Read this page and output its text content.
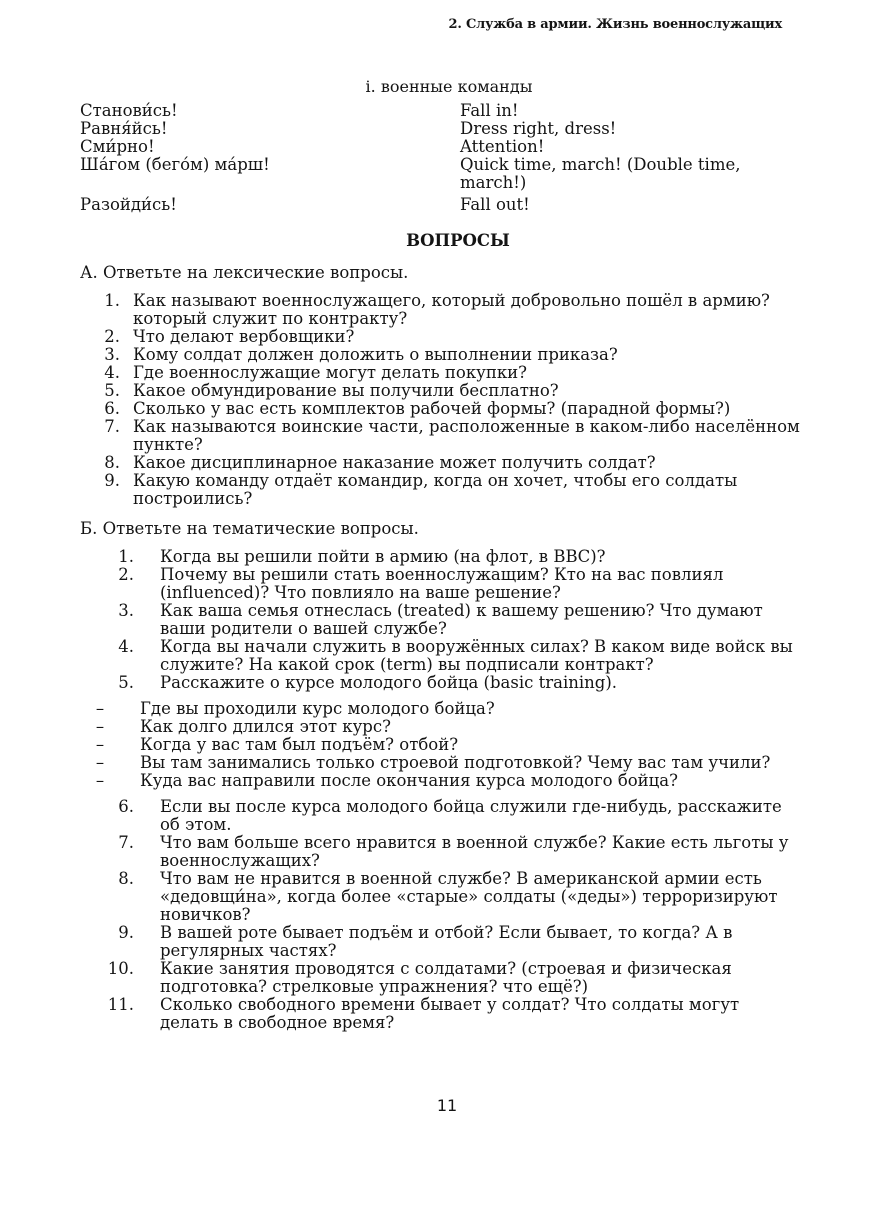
2. Служба в армии. Жизнь военнослужащих
i. военные команды
Станови́сь!	Fall in!
Равня́йсь!	Dress right, dress!
Сми́рно!	Attention!
Ша́гом (бего́м) ма́рш!	Quick time, march! (Double time, march!)
Разойди́сь!	Fall out!
ВОПРОСЫ
А. Ответьте на лексические вопросы.
1. Как называют военнослужащего, который добровольно пошёл в армию? который служит по контракту?
2. Что делают вербовщики?
3. Кому солдат должен доложить о выполнении приказа?
4. Где военнослужащие могут делать покупки?
5. Какое обмундирование вы получили бесплатно?
6. Сколько у вас есть комплектов рабочей формы? (парадной формы?)
7. Как называются воинские части, расположенные в каком-либо населённом пункте?
8. Какое дисциплинарное наказание может получить солдат?
9. Какую команду отдаёт командир, когда он хочет, чтобы его солдаты построились?
Б. Ответьте на тематические вопросы.
1.	Когда вы решили пойти в армию (на флот, в ВВС)?
2.	Почему вы решили стать военнослужащим? Кто на вас повлиял (influenced)? Что повлияло на ваше решение?
3.	Как ваша семья отнеслась (treated) к вашему решению? Что думают ваши родители о вашей службе?
4.	Когда вы начали служить в вооружённых силах? В каком виде войск вы служите? На какой срок (term) вы подписали контракт?
5.	Расскажите о курсе молодого бойца (basic training).
–	Где вы проходили курс молодого бойца?
–	Как долго длился этот курс?
–	Когда у вас там был подъём? отбой?
–	Вы там занимались только строевой подготовкой? Чему вас там учили?
–	Куда вас направили после окончания курса молодого бойца?
6.	Если вы после курса молодого бойца служили где-нибудь, расскажите об этом.
7.	Что вам больше всего нравится в военной службе? Какие есть льготы у военнослужащих?
8.	Что вам не нравится в военной службе? В американской армии есть «дедовщи́на», когда более «старые» солдаты («деды») терроризируют новичков?
9.	В вашей роте бывает подъём и отбой? Если бывает, то когда? А в регулярных частях?
10.	Какие занятия проводятся с солдатами? (строевая и физическая подготовка? стрелковые упражнения? что ещё?)
11.	Сколько свободного времени бывает у солдат? Что солдаты могут делать в свободное время?
11
